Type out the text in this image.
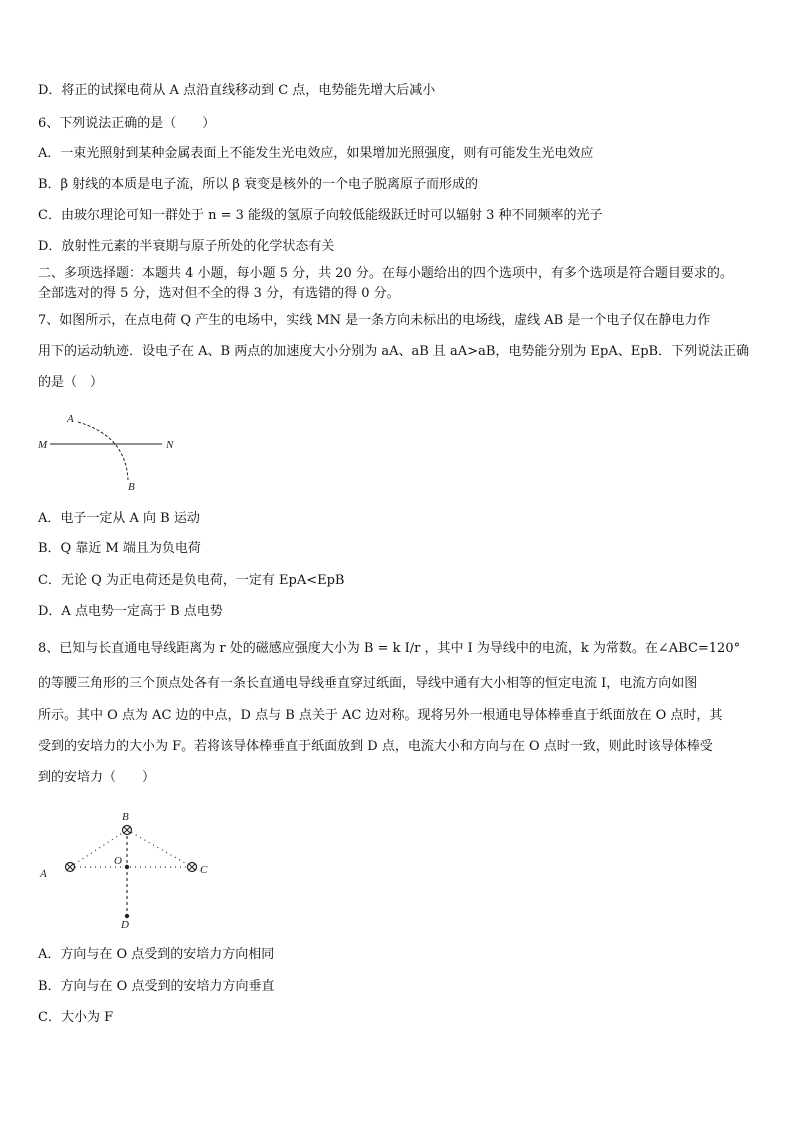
D．将正的试探电荷从 A 点沿直线移动到 C 点，电势能先增大后减小
6、下列说法正确的是（　　）
A．一束光照射到某种金属表面上不能发生光电效应，如果增加光照强度，则有可能发生光电效应
B．β 射线的本质是电子流，所以 β 衰变是核外的一个电子脱离原子而形成的
C．由玻尔理论可知一群处于 n = 3 能级的氢原子向较低能级跃迁时可以辐射 3 种不同频率的光子
D．放射性元素的半衰期与原子所处的化学状态有关
二、多项选择题：本题共 4 小题，每小题 5 分，共 20 分。在每小题给出的四个选项中，有多个选项是符合题目要求的。
全部选对的得 5 分，选对但不全的得 3 分，有选错的得 0 分。
7、如图所示，在点电荷 Q 产生的电场中，实线 MN 是一条方向未标出的电场线，虚线 AB 是一个电子仅在静电力作
用下的运动轨迹．设电子在 A、B 两点的加速度大小分别为 aA、aB 且 aA>aB，电势能分别为 EpA、EpB．下列说法正确
的是（　）
A
M	N
B
A．电子一定从 A 向 B 运动
B．Q 靠近 M 端且为负电荷
C．无论 Q 为正电荷还是负电荷，一定有 EpA<EpB
D．A 点电势一定高于 B 点电势
8、已知与长直通电导线距离为 r 处的磁感应强度大小为 B = k I/r ，其中 I 为导线中的电流，k 为常数。在∠ABC=120°
的等腰三角形的三个顶点处各有一条长直通电导线垂直穿过纸面，导线中通有大小相等的恒定电流 I，电流方向如图
所示。其中 O 点为 AC 边的中点，D 点与 B 点关于 AC 边对称。现将另外一根通电导体棒垂直于纸面放在 O 点时，其
受到的安培力的大小为 F。若将该导体棒垂直于纸面放到 D 点，电流大小和方向与在 O 点时一致，则此时该导体棒受
到的安培力（　　）
A
B
C
O
D
A．方向与在 O 点受到的安培力方向相同
B．方向与在 O 点受到的安培力方向垂直
C．大小为 F
